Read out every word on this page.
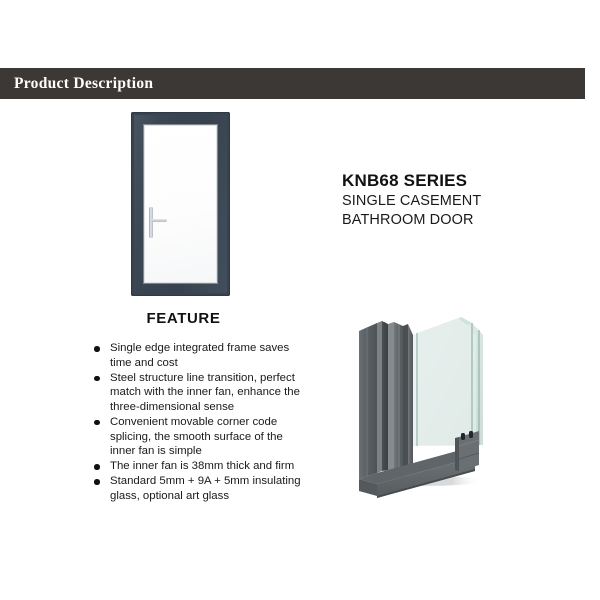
Product Description
KNB68 SERIES
SINGLE CASEMENT
BATHROOM DOOR
FEATURE
Single edge integrated frame saves time and cost
Steel structure line transition, perfect match with the inner fan, enhance the three-dimensional sense
Convenient movable corner code splicing, the smooth surface of the inner fan is simple
The inner fan is 38mm thick and firm
Standard 5mm + 9A + 5mm insulating glass, optional art glass
